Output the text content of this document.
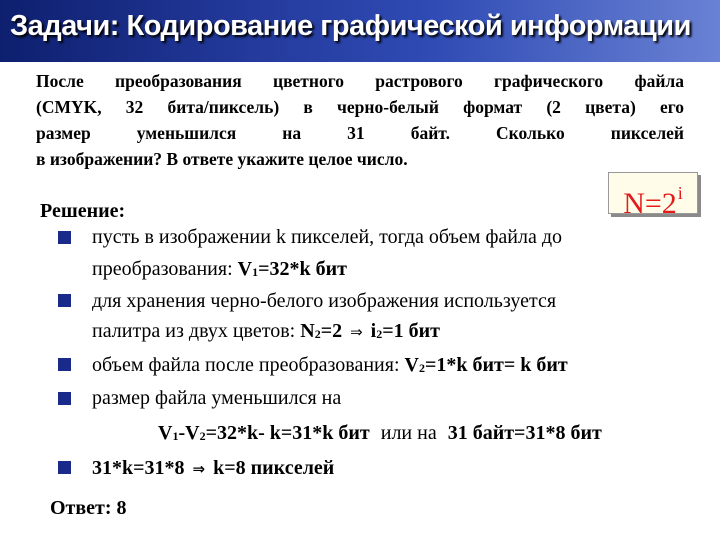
Задачи: Кодирование графической информации
После преобразования цветного растрового графического файла
(CMYK, 32 бита/пиксель) в черно-белый формат (2 цвета) его
размер уменьшился на 31 байт. Сколько пикселей
в изображении? В ответе укажите целое число.
$N=2^i$
Решение:
пусть в изображении k пикселей, тогда объем файла до
преобразования: V1=32*k бит
для хранения черно-белого изображения используется
палитра из двух цветов: N2=2 ⇒ i2=1 бит
объем файла после преобразования: V2=1*k бит= k бит
размер файла уменьшился на
V1-V2=32*k- k=31*k бит или на 31 байт=31*8 бит
31*k=31*8 ⇒ k=8 пикселей
Ответ: 8
